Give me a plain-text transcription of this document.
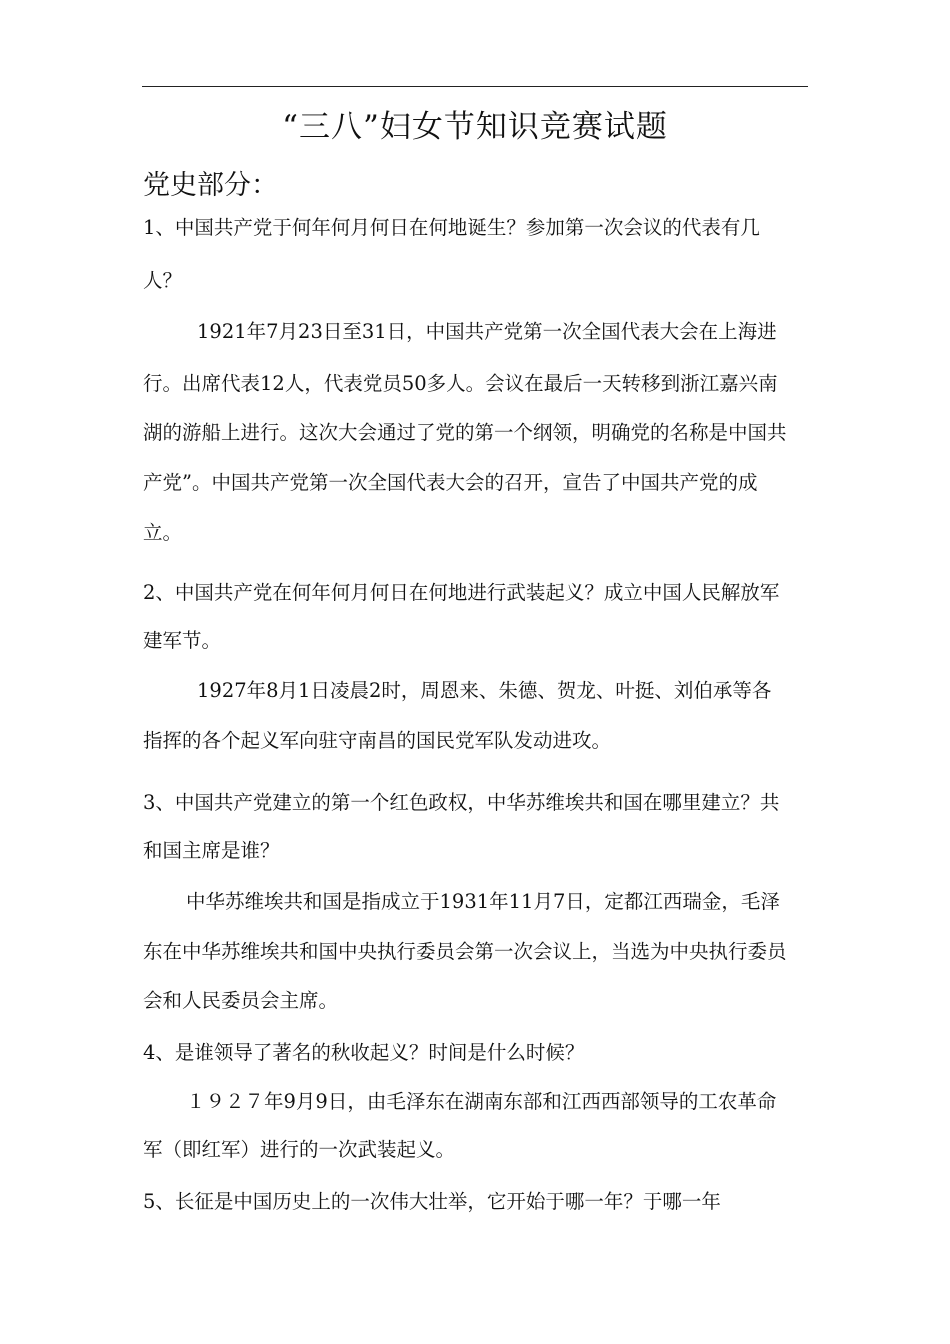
“三八”妇女节知识竞赛试题
党史部分：
1、中国共产党于何年何月何日在何地诞生？参加第一次会议的代表有几
人？
1921年7月23日至31日，中国共产党第一次全国代表大会在上海进
行。出席代表12人，代表党员50多人。会议在最后一天转移到浙江嘉兴南
湖的游船上进行。这次大会通过了党的第一个纲领，明确党的名称是中国共
产党”。中国共产党第一次全国代表大会的召开，宣告了中国共产党的成
立。
2、中国共产党在何年何月何日在何地进行武装起义？成立中国人民解放军
建军节。
1927年8月1日凌晨2时，周恩来、朱德、贺龙、叶挺、刘伯承等各
指挥的各个起义军向驻守南昌的国民党军队发动进攻。
3、中国共产党建立的第一个红色政权，中华苏维埃共和国在哪里建立？共
和国主席是谁？
中华苏维埃共和国是指成立于1931年11月7日，定都江西瑞金，毛泽
东在中华苏维埃共和国中央执行委员会第一次会议上，当选为中央执行委员
会和人民委员会主席。
4、是谁领导了著名的秋收起义？时间是什么时候？
１９２７年9月9日，由毛泽东在湖南东部和江西西部领导的工农革命
军（即红军）进行的一次武装起义。
5、长征是中国历史上的一次伟大壮举，它开始于哪一年？于哪一年
